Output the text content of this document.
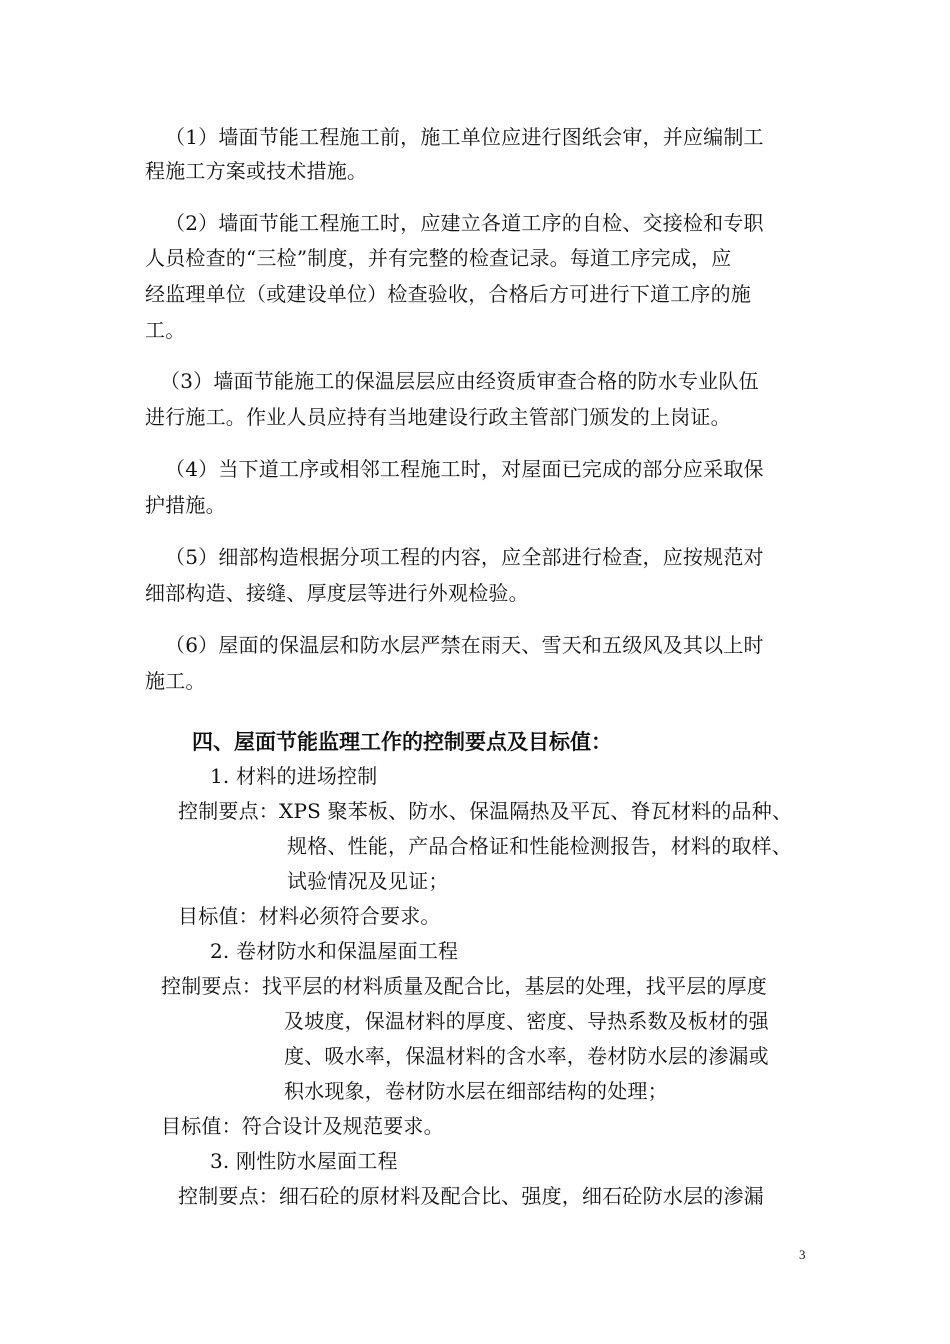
（1）墙面节能工程施工前，施工单位应进行图纸会审，并应编制工
程施工方案或技术措施。
（2）墙面节能工程施工时，应建立各道工序的自检、交接检和专职
人员检查的“三检”制度，并有完整的检查记录。每道工序完成，应
经监理单位（或建设单位）检查验收，合格后方可进行下道工序的施
工。
（3）墙面节能施工的保温层层应由经资质审查合格的防水专业队伍
进行施工。作业人员应持有当地建设行政主管部门颁发的上岗证。
（4）当下道工序或相邻工程施工时，对屋面已完成的部分应采取保
护措施。
（5）细部构造根据分项工程的内容，应全部进行检查，应按规范对
细部构造、接缝、厚度层等进行外观检验。
（6）屋面的保温层和防水层严禁在雨天、雪天和五级风及其以上时
施工。
四、屋面节能监理工作的控制要点及目标值：
1. 材料的进场控制
控制要点：XPS 聚苯板、防水、保温隔热及平瓦、脊瓦材料的品种、
规格、性能，产品合格证和性能检测报告，材料的取样、
试验情况及见证；
目标值：材料必须符合要求。
2. 卷材防水和保温屋面工程
控制要点：找平层的材料质量及配合比，基层的处理，找平层的厚度
及坡度，保温材料的厚度、密度、导热系数及板材的强
度、吸水率，保温材料的含水率，卷材防水层的渗漏或
积水现象，卷材防水层在细部结构的处理；
目标值：符合设计及规范要求。
3. 刚性防水屋面工程
控制要点：细石砼的原材料及配合比、强度，细石砼防水层的渗漏
3
